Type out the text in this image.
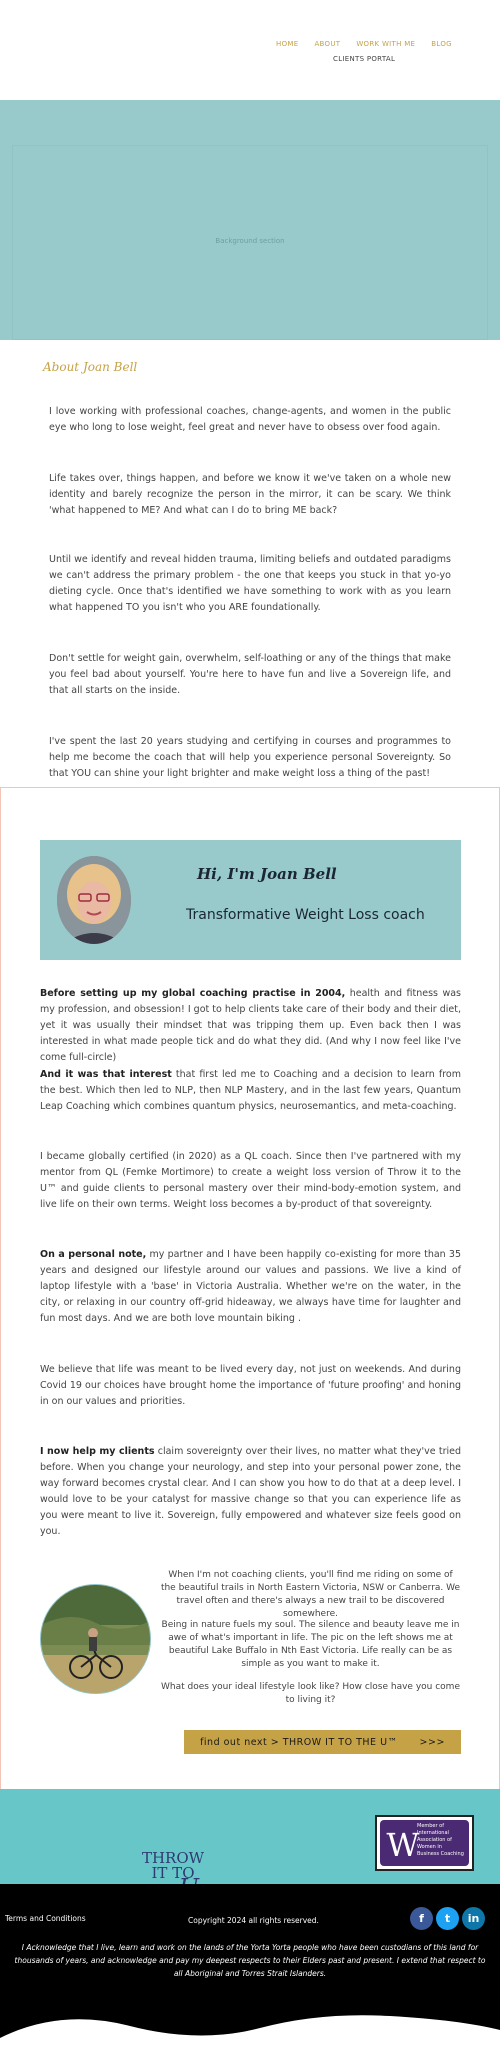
HOME ABOUT WORK WITH ME BLOG
CLIENTS PORTAL
Background section
About Joan Bell

I love working with professional coaches, change-agents, and women in the public eye who long to lose weight, feel great and never have to obsess over food again.

Life takes over, things happen, and before we know it we've taken on a whole new identity and barely recognize the person in the mirror, it can be scary. We think 'what happened to ME? And what can I do to bring ME back?

Until we identify and reveal hidden trauma, limiting beliefs and outdated paradigms we can't address the primary problem - the one that keeps you stuck in that yo-yo dieting cycle. Once that's identified we have something to work with as you learn what happened TO you isn't who you ARE foundationally.

Don't settle for weight gain, overwhelm, self-loathing or any of the things that make you feel bad about yourself. You're here to have fun and live a Sovereign life, and that all starts on the inside.

I've spent the last 20 years studying and certifying in courses and programmes to help me become the coach that will help you experience personal Sovereignty. So that YOU can shine your light brighter and make weight loss a thing of the past!

Hi, I'm Joan Bell
Transformative Weight Loss coach

Before setting up my global coaching practise in 2004, health and fitness was my profession, and obsession! I got to help clients take care of their body and their diet, yet it was usually their mindset that was tripping them up. Even back then I was interested in what made people tick and do what they did. (And why I now feel like I've come full-circle)

And it was that interest that first led me to Coaching and a decision to learn from the best. Which then led to NLP, then NLP Mastery, and in the last few years, Quantum Leap Coaching which combines quantum physics, neurosemantics, and meta-coaching.

I became globally certified (in 2020) as a QL coach. Since then I've partnered with my mentor from QL (Femke Mortimore) to create a weight loss version of Throw it to the U™ and guide clients to personal mastery over their mind-body-emotion system, and live life on their own terms. Weight loss becomes a by-product of that sovereignty.

On a personal note, my partner and I have been happily co-existing for more than 35 years and designed our lifestyle around our values and passions. We live a kind of laptop lifestyle with a 'base' in Victoria Australia. Whether we're on the water, in the city, or relaxing in our country off-grid hideaway, we always have time for laughter and fun most days. And we are both love mountain biking .

We believe that life was meant to be lived every day, not just on weekends. And during Covid 19 our choices have brought home the importance of 'future proofing' and honing in on our values and priorities.

I now help my clients claim sovereignty over their lives, no matter what they've tried before. When you change your neurology, and step into your personal power zone, the way forward becomes crystal clear. And I can show you how to do that at a deep level. I would love to be your catalyst for massive change so that you can experience life as you were meant to live it. Sovereign, fully empowered and whatever size feels good on you.

When I'm not coaching clients, you'll find me riding on some of the beautiful trails in North Eastern Victoria, NSW or Canberra. We travel often and there's always a new trail to be discovered somewhere.

Being in nature fuels my soul. The silence and beauty leave me in awe of what's important in life. The pic on the left shows me at beautiful Lake Buffalo in Nth East Victoria. Life really can be as simple as you want to make it.

What does your ideal lifestyle look like? How close have you come to living it?

find out next > THROW IT TO THE U™ >>>
THROW IT TO
W
Member of
International
Association of
Women in
Business Coaching
Terms and Conditions	Copyright 2024 all rights reserved.	f	t	in

I Acknowledge that I live, learn and work on the lands of the Yorta Yorta people who have been custodians of this land for thousands of years, and acknowledge and pay my deepest respects to their Elders past and present. I extend that respect to all Aboriginal and Torres Strait Islanders.
